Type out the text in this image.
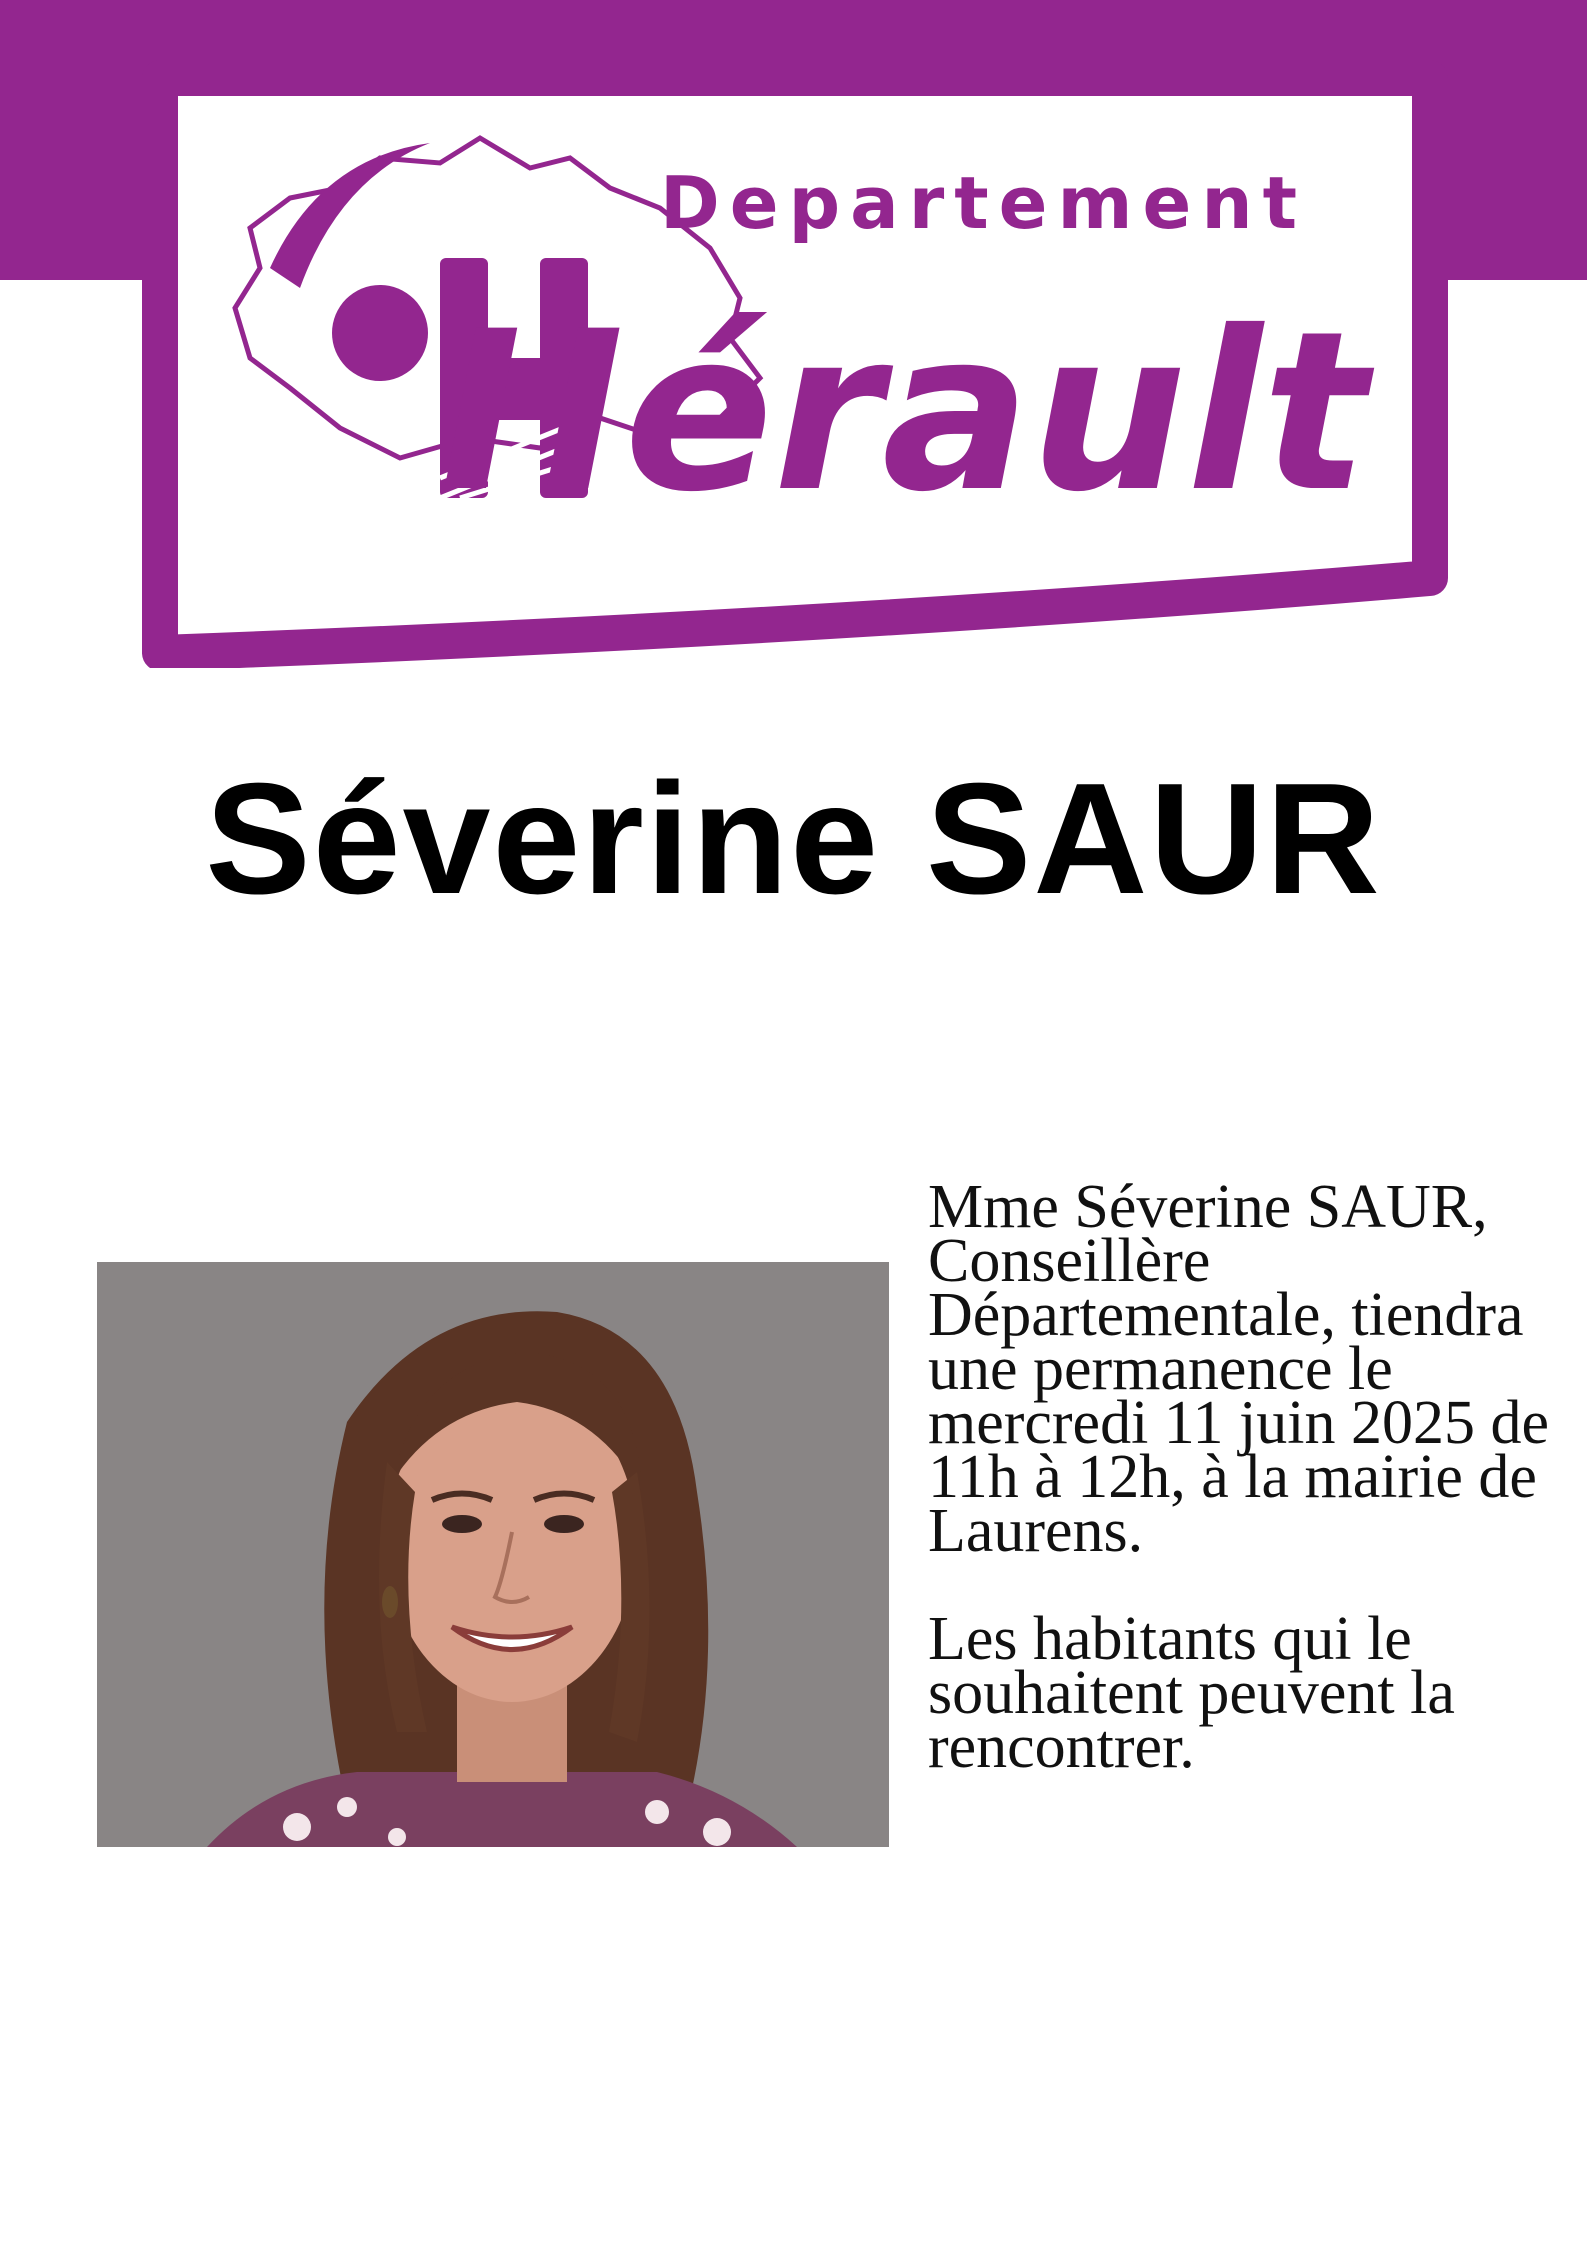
Departement
Hérault
Séverine SAUR

Mme Séverine SAUR, Conseillère Départementale, tiendra une permanence le mercredi 11 juin 2025 de 11h à 12h, à la mairie de Laurens.

Les habitants qui le souhaitent peuvent la rencontrer.
